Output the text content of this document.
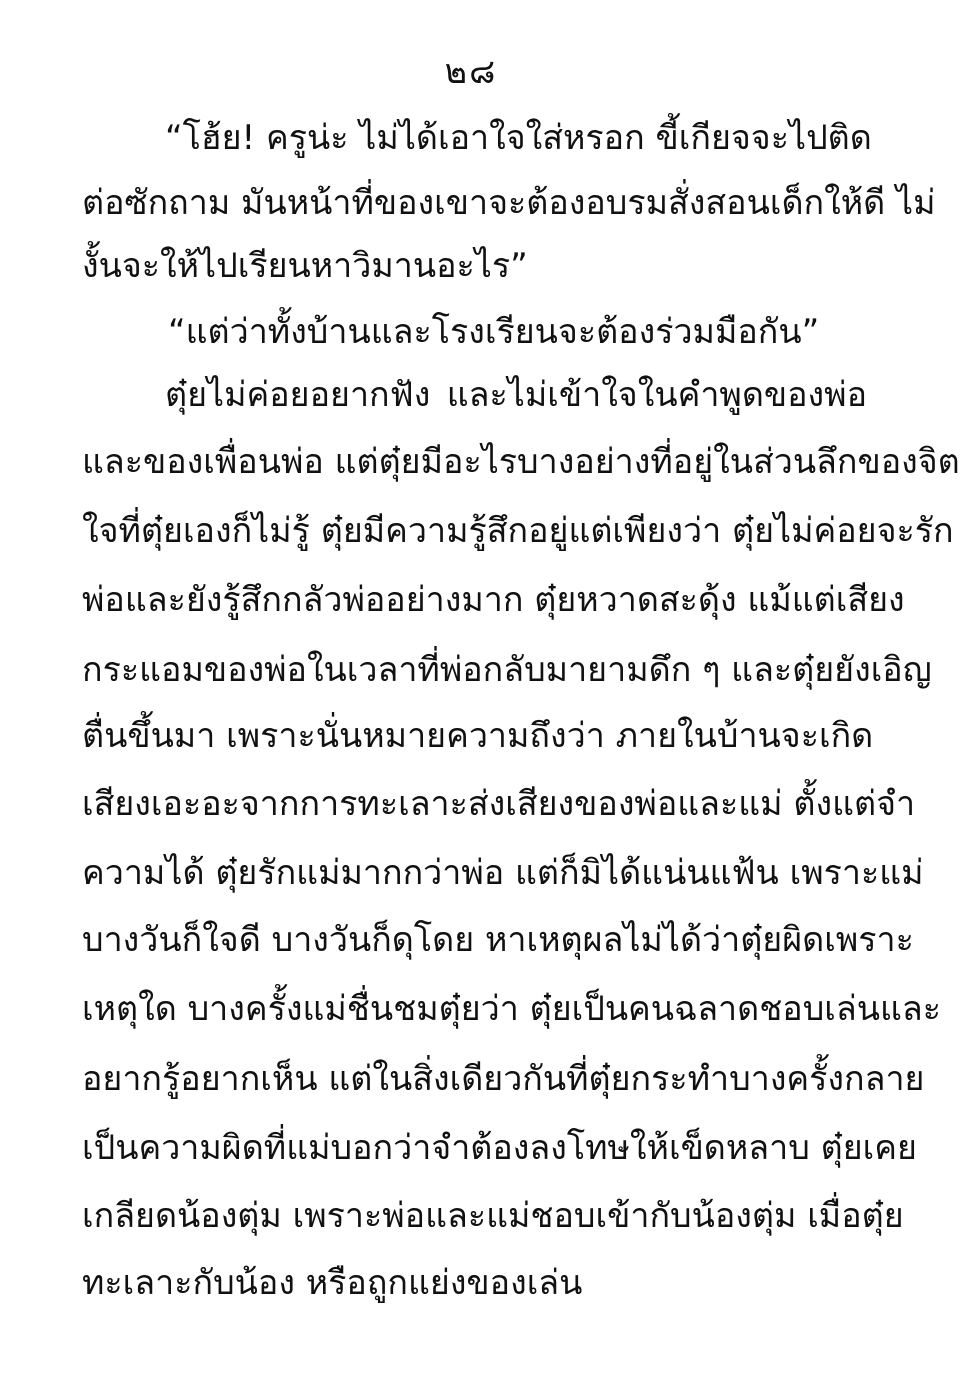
๒๘
“โฮ้ย! ครูน่ะ ไม่ได้เอาใจใส่หรอก ขี้เกียจจะไปติด
ต่อซักถาม มันหน้าที่ของเขาจะต้องอบรมสั่งสอนเด็กให้ดี ไม่
งั้นจะให้ไปเรียนหาวิมานอะไร”
“แต่ว่าทั้งบ้านและโรงเรียนจะต้องร่วมมือกัน”
ตุ๋ยไม่ค่อยอยากฟัง และไม่เข้าใจในคำพูดของพ่อ
และของเพื่อนพ่อ แต่ตุ๋ยมีอะไรบางอย่างที่อยู่ในส่วนลึกของจิต
ใจที่ตุ๋ยเองก็ไม่รู้ ตุ๋ยมีความรู้สึกอยู่แต่เพียงว่า ตุ๋ยไม่ค่อยจะรัก
พ่อและยังรู้สึกกลัวพ่ออย่างมาก ตุ๋ยหวาดสะดุ้ง แม้แต่เสียง
กระแอมของพ่อในเวลาที่พ่อกลับมายามดึก ๆ และตุ๋ยยังเอิญ
ตื่นขึ้นมา เพราะนั่นหมายความถึงว่า ภายในบ้านจะเกิด
เสียงเอะอะจากการทะเลาะส่งเสียงของพ่อและแม่ ตั้งแต่จำ
ความได้ ตุ๋ยรักแม่มากกว่าพ่อ แต่ก็มิได้แน่นแฟ้น เพราะแม่
บางวันก็ใจดี บางวันก็ดุโดย หาเหตุผลไม่ได้ว่าตุ๋ยผิดเพราะ
เหตุใด บางครั้งแม่ชื่นชมตุ๋ยว่า ตุ๋ยเป็นคนฉลาดชอบเล่นและ
อยากรู้อยากเห็น แต่ในสิ่งเดียวกันที่ตุ๋ยกระทำบางครั้งกลาย
เป็นความผิดที่แม่บอกว่าจำต้องลงโทษให้เข็ดหลาบ ตุ๋ยเคย
เกลียดน้องตุ่ม เพราะพ่อและแม่ชอบเข้ากับน้องตุ่ม เมื่อตุ๋ย
ทะเลาะกับน้อง หรือถูกแย่งของเล่น
